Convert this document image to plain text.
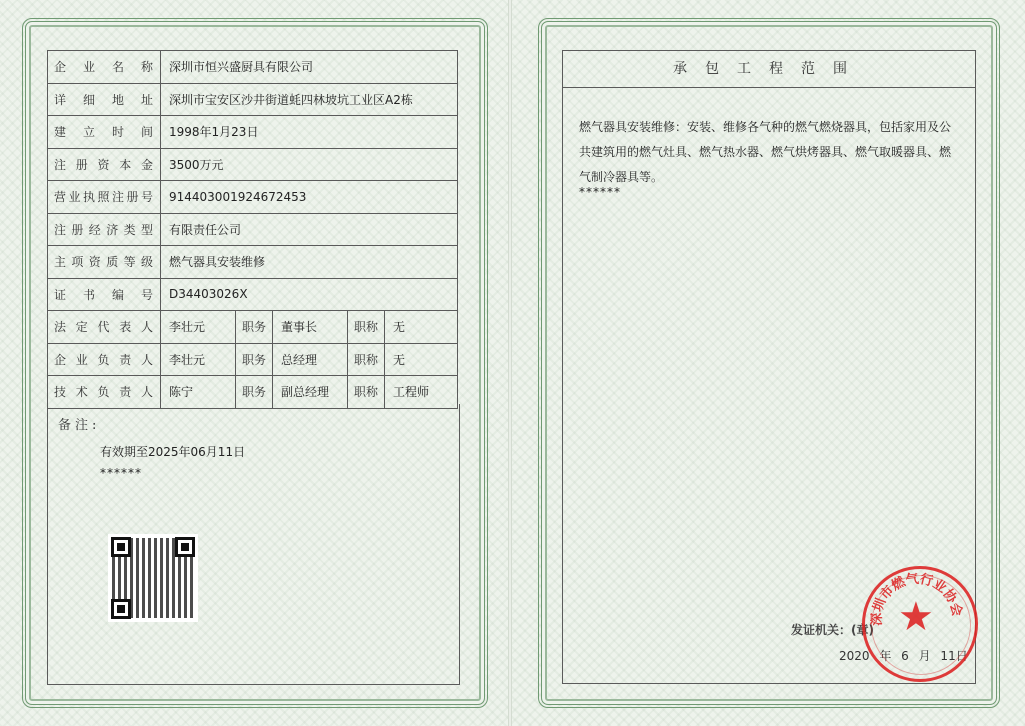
企业名称	深圳市恒兴盛厨具有限公司				
详细地址	深圳市宝安区沙井街道蚝四林坡坑工业区A2栋				
建立时间	1998年1月23日				
注册资本金	3500万元				
营业执照注册号	914403001924672453				
注册经济类型	有限责任公司				
主项资质等级	燃气器具安装维修				
证书编号	D34403026X				
法定代表人	李壮元	职务	董事长	职称	无
企业负责人	李壮元	职务	总经理	职称	无
技术负责人	陈宁	职务	副总经理	职称	工程师
备注:
有效期至2025年06月11日
******
承包工程范围
燃气器具安装维修：安装、维修各气种的燃气燃烧器具，包括家用及公共建筑用的燃气灶具、燃气热水器、燃气烘烤器具、燃气取暖器具、燃气制冷器具等。
******
发证机关：(章)
2020 年 6 月 11日
深圳市燃气行业协会
★
